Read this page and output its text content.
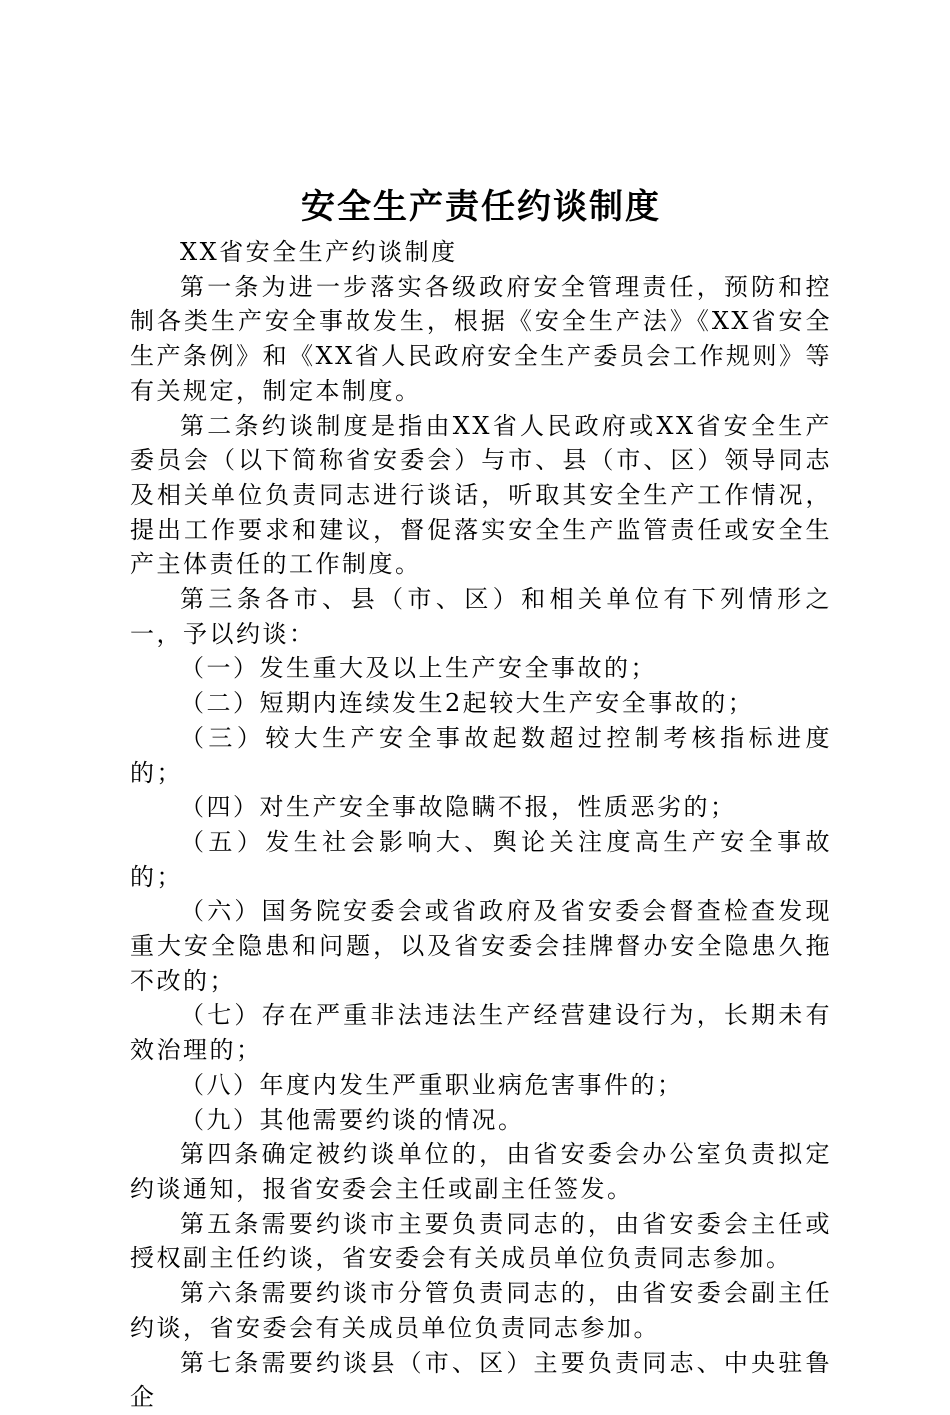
安全生产责任约谈制度

XX省安全生产约谈制度

第一条为进一步落实各级政府安全管理责任，预防和控制各类生产安全事故发生，根据《安全生产法》《XX省安全生产条例》和《XX省人民政府安全生产委员会工作规则》等有关规定，制定本制度。

第二条约谈制度是指由XX省人民政府或XX省安全生产委员会（以下简称省安委会）与市、县（市、区）领导同志及相关单位负责同志进行谈话，听取其安全生产工作情况，提出工作要求和建议，督促落实安全生产监管责任或安全生产主体责任的工作制度。

第三条各市、县（市、区）和相关单位有下列情形之一，予以约谈：

（一）发生重大及以上生产安全事故的；

（二）短期内连续发生2起较大生产安全事故的；

（三）较大生产安全事故起数超过控制考核指标进度的；

（四）对生产安全事故隐瞒不报，性质恶劣的；

（五）发生社会影响大、舆论关注度高生产安全事故的；

（六）国务院安委会或省政府及省安委会督查检查发现重大安全隐患和问题，以及省安委会挂牌督办安全隐患久拖不改的；

（七）存在严重非法违法生产经营建设行为，长期未有效治理的；

（八）年度内发生严重职业病危害事件的；

（九）其他需要约谈的情况。

第四条确定被约谈单位的，由省安委会办公室负责拟定约谈通知，报省安委会主任或副主任签发。

第五条需要约谈市主要负责同志的，由省安委会主任或授权副主任约谈，省安委会有关成员单位负责同志参加。

第六条需要约谈市分管负责同志的，由省安委会副主任约谈，省安委会有关成员单位负责同志参加。

第七条需要约谈县（市、区）主要负责同志、中央驻鲁企
